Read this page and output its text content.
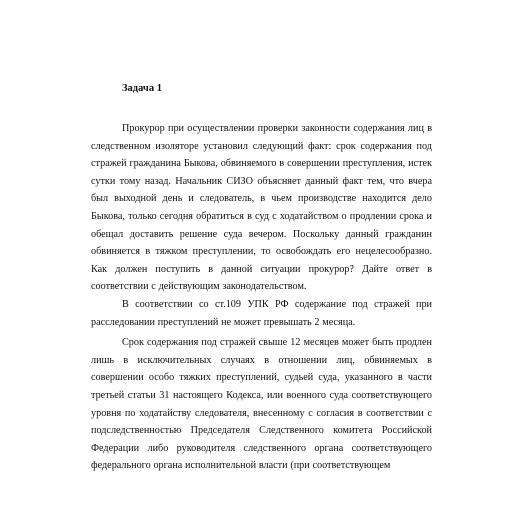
Задача 1

Прокурор при осуществлении проверки законности содержания лиц в следственном изоляторе установил следующий факт: срок содержания под стражей гражданина Быкова, обвиняемого в совершении преступления, истек сутки тому назад. Начальник СИЗО объясняет данный факт тем, что вчера был выходной день и следователь, в чьем производстве находится дело Быкова, только сегодня обратиться в суд с ходатайством о продлении срока и обещал доставить решение суда вечером. Поскольку данный гражданин обвиняется в тяжком преступлении, то освобождать его нецелесообразно. Как должен поступить в данной ситуации прокурор? Дайте ответ в соответствии с действующим законодательством.

В соответствии со ст.109 УПК РФ содержание под стражей при расследовании преступлений не может превышать 2 месяца.

Срок содержания под стражей свыше 12 месяцев может быть продлен лишь в исключительных случаях в отношении лиц, обвиняемых в совершении особо тяжких преступлений, судьей суда, указанного в части третьей статьи 31 настоящего Кодекса, или военного суда соответствующего уровня по ходатайству следователя, внесенному с согласия в соответствии с подследственностью Председателя Следственного комитета Российской Федерации либо руководителя следственного органа соответствующего федерального органа исполнительной власти (при соответствующем
